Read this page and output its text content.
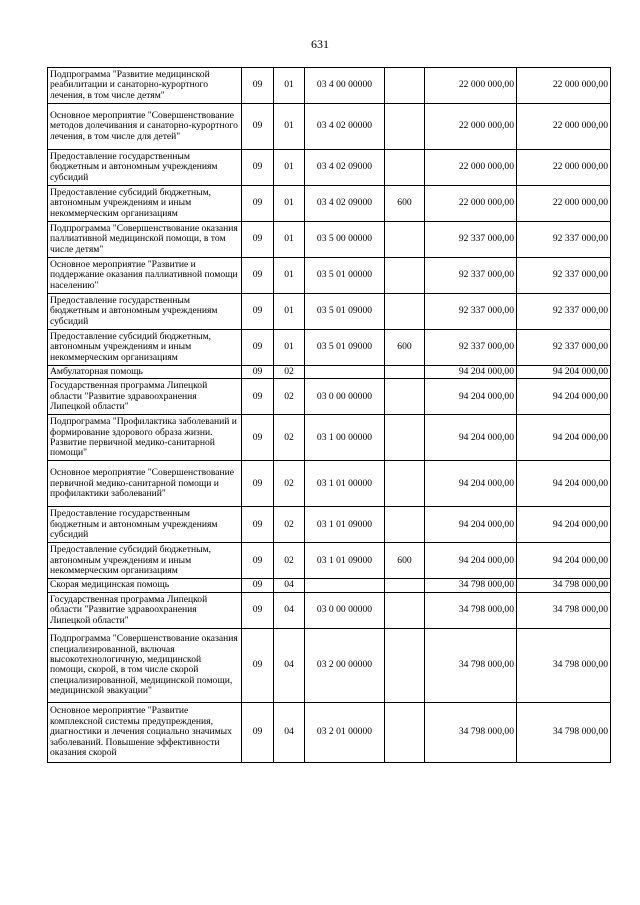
631
Подпрограмма "Развитие медицинской реабилитации и санаторно-курортного лечения, в том числе детям"	09	01	03 4 00 00000		22 000 000,00	22 000 000,00
Основное мероприятие "Совершенствование методов долечивания и санаторно-курортного лечения, в том числе для детей"	09	01	03 4 02 00000		22 000 000,00	22 000 000,00
Предоставление государственным бюджетным и автономным учреждениям субсидий	09	01	03 4 02 09000		22 000 000,00	22 000 000,00
Предоставление субсидий бюджетным, автономным учреждениям и иным некоммерческим организациям	09	01	03 4 02 09000	600	22 000 000,00	22 000 000,00
Подпрограмма "Совершенствование оказания паллиативной медицинской помощи, в том числе детям"	09	01	03 5 00 00000		92 337 000,00	92 337 000,00
Основное мероприятие "Развитие и поддержание оказания паллиативной помощи населению"	09	01	03 5 01 00000		92 337 000,00	92 337 000,00
Предоставление государственным бюджетным и автономным учреждениям субсидий	09	01	03 5 01 09000		92 337 000,00	92 337 000,00
Предоставление субсидий бюджетным, автономным учреждениям и иным некоммерческим организациям	09	01	03 5 01 09000	600	92 337 000,00	92 337 000,00
Амбулаторная помощь	09	02			94 204 000,00	94 204 000,00
Государственная программа Липецкой области "Развитие здравоохранения Липецкой области"	09	02	03 0 00 00000		94 204 000,00	94 204 000,00
Подпрограмма "Профилактика заболеваний и формирование здорового образа жизни. Развитие первичной медико-санитарной помощи"	09	02	03 1 00 00000		94 204 000,00	94 204 000,00
Основное мероприятие "Совершенствование первичной медико-санитарной помощи и профилактики заболеваний"	09	02	03 1 01 00000		94 204 000,00	94 204 000,00
Предоставление государственным бюджетным и автономным учреждениям субсидий	09	02	03 1 01 09000		94 204 000,00	94 204 000,00
Предоставление субсидий бюджетным, автономным учреждениям и иным некоммерческим организациям	09	02	03 1 01 09000	600	94 204 000,00	94 204 000,00
Скорая медицинская помощь	09	04			34 798 000,00	34 798 000,00
Государственная программа Липецкой области "Развитие здравоохранения Липецкой области"	09	04	03 0 00 00000		34 798 000,00	34 798 000,00
Подпрограмма "Совершенствование оказания специализированной, включая высокотехнологичную, медицинской помощи, скорой, в том числе скорой специализированной, медицинской помощи, медицинской эвакуации"	09	04	03 2 00 00000		34 798 000,00	34 798 000,00
Основное мероприятие "Развитие комплексной системы предупреждения, диагностики и лечения социально значимых заболеваний. Повышение эффективности оказания скорой	09	04	03 2 01 00000		34 798 000,00	34 798 000,00
